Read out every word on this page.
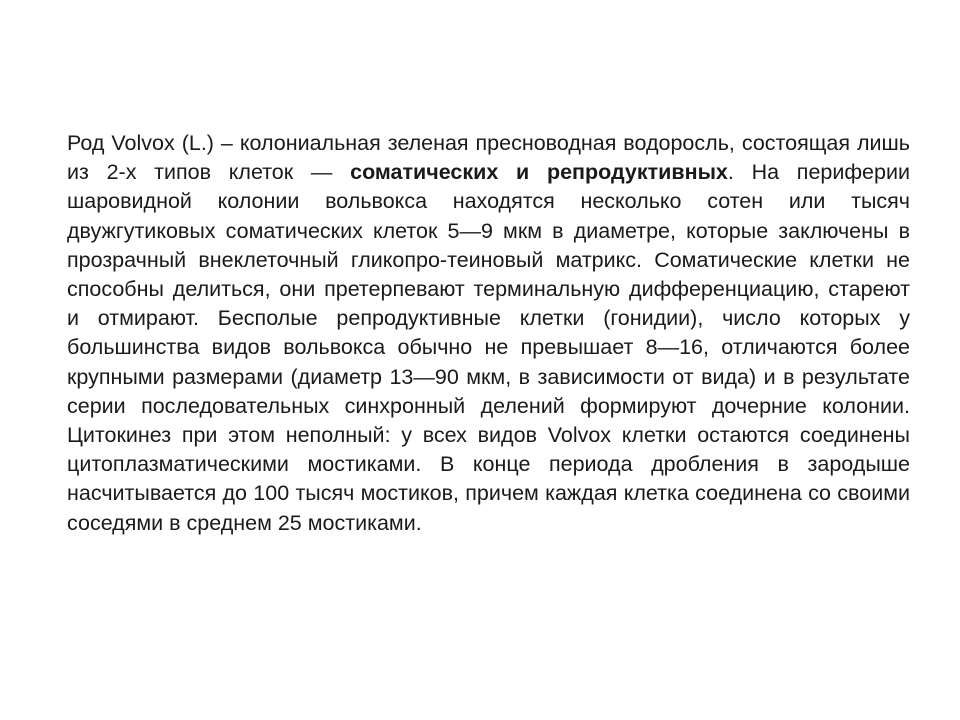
Род Volvox (L.) – колониальная зеленая пресноводная водоросль, состоящая лишь из 2-х типов клеток — соматических и репродуктивных. На периферии шаровидной колонии вольвокса находятся несколько сотен или тысяч двужгутиковых соматических клеток 5—9 мкм в диаметре, которые заключены в прозрачный внеклеточный гликопро-теиновый матрикс. Соматические клетки не способны делиться, они претерпевают терминальную дифференциацию, стареют и отмирают. Бесполые репродуктивные клетки (гонидии), число которых у большинства видов вольвокса обычно не превышает 8—16, отличаются более крупными размерами (диаметр 13—90 мкм, в зависимости от вида) и в результате серии последовательных синхронный делений формируют дочерние колонии. Цитокинез при этом неполный: у всех видов Volvox клетки остаются соединены цитоплазматическими мостиками. В конце периода дробления в зародыше насчитывается до 100 тысяч мостиков, причем каждая клетка соединена со своими соседями в среднем 25 мостиками.
